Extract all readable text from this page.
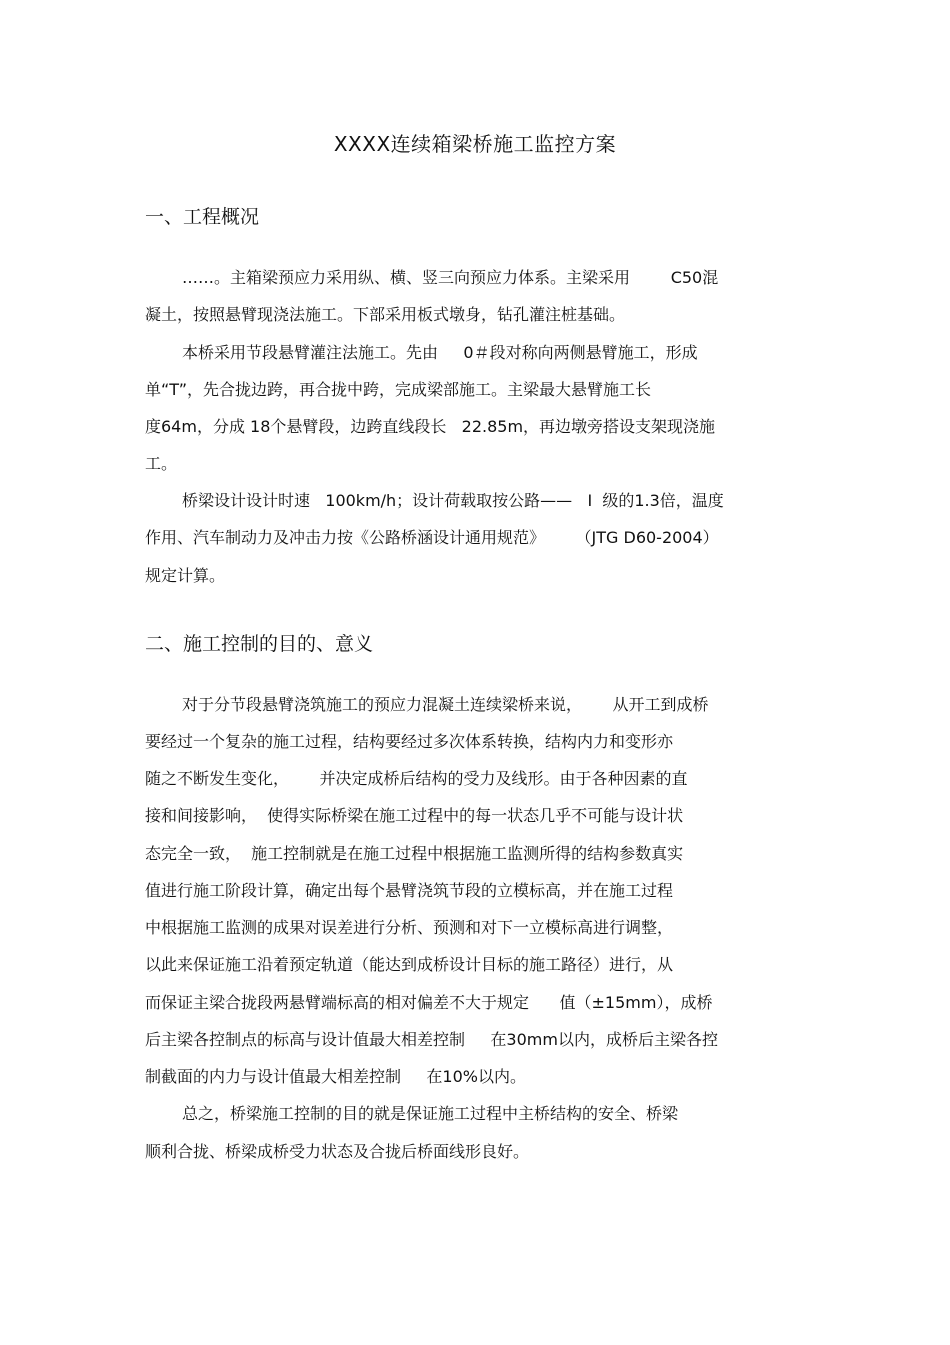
XXXX连续箱梁桥施工监控方案
一、工程概况
……。主箱梁预应力采用纵、横、竖三向预应力体系。主梁采用        C50混
凝土，按照悬臂现浇法施工。下部采用板式墩身，钻孔灌注桩基础。
本桥采用节段悬臂灌注法施工。先由     0＃段对称向两侧悬臂施工，形成
单“T”，先合拢边跨，再合拢中跨，完成梁部施工。主梁最大悬臂施工长
度64m，分成 18个悬臂段，边跨直线段长   22.85m，再边墩旁搭设支架现浇施
工。
桥梁设计设计时速   100km/h；设计荷载取按公路——   Ⅰ  级的1.3倍，温度
作用、汽车制动力及冲击力按《公路桥涵设计通用规范》      （JTG D60-2004）
规定计算。
二、施工控制的目的、意义
对于分节段悬臂浇筑施工的预应力混凝土连续梁桥来说，      从开工到成桥
要经过一个复杂的施工过程，结构要经过多次体系转换，结构内力和变形亦
随之不断发生变化，      并决定成桥后结构的受力及线形。由于各种因素的直
接和间接影响，  使得实际桥梁在施工过程中的每一状态几乎不可能与设计状
态完全一致，  施工控制就是在施工过程中根据施工监测所得的结构参数真实
值进行施工阶段计算，确定出每个悬臂浇筑节段的立模标高，并在施工过程
中根据施工监测的成果对误差进行分析、预测和对下一立模标高进行调整，
以此来保证施工沿着预定轨道（能达到成桥设计目标的施工路径）进行，从
而保证主梁合拢段两悬臂端标高的相对偏差不大于规定      值（±15mm），成桥
后主梁各控制点的标高与设计值最大相差控制     在30mm以内，成桥后主梁各控
制截面的内力与设计值最大相差控制     在10%以内。
总之，桥梁施工控制的目的就是保证施工过程中主桥结构的安全、桥梁
顺利合拢、桥梁成桥受力状态及合拢后桥面线形良好。
